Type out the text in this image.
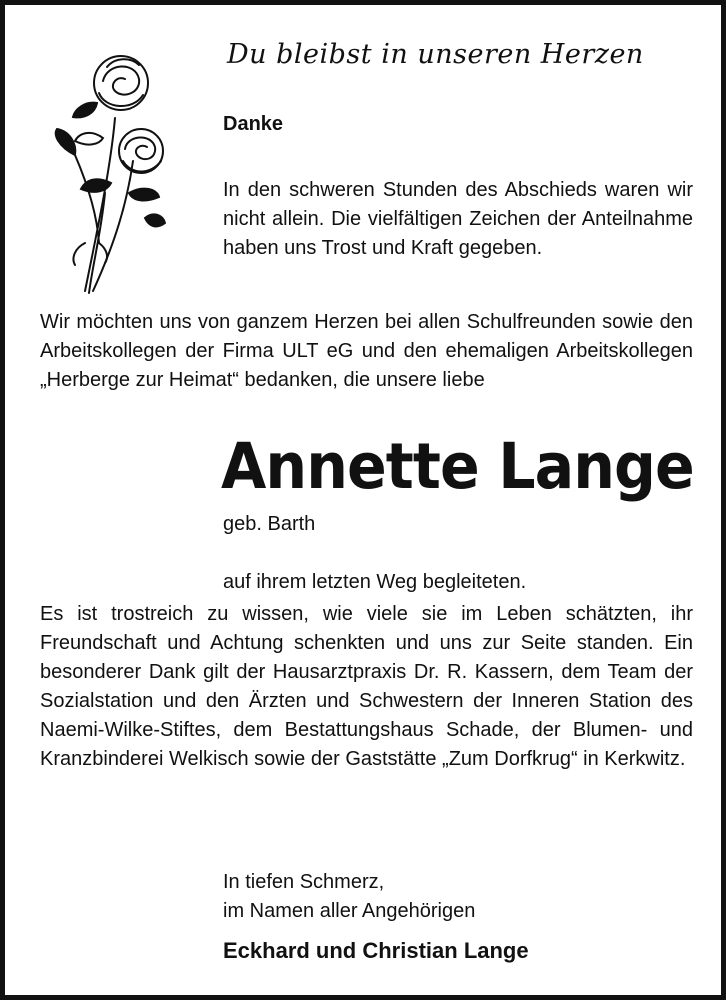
Du bleibst in unseren Herzen
Danke
In den schweren Stunden des Abschieds waren wir nicht allein. Die vielfältigen Zeichen der Anteilnahme haben uns Trost und Kraft gegeben.
Wir möchten uns von ganzem Herzen bei allen Schulfreunden sowie den Arbeitskollegen der Firma ULT eG und den ehemaligen Arbeitskollegen „Herberge zur Heimat“ bedanken, die unsere liebe
Annette Lange
geb. Barth
auf ihrem letzten Weg begleiteten.
Es ist trostreich zu wissen, wie viele sie im Leben schätzten, ihr Freundschaft und Achtung schenkten und uns zur Seite standen. Ein besonderer Dank gilt der Hausarztpraxis Dr. R. Kassern, dem Team der Sozialstation und den Ärzten und Schwestern der Inneren Station des Naemi-Wilke-Stiftes, dem Bestattungshaus Schade, der Blumen- und Kranzbinderei Welkisch sowie der Gaststätte „Zum Dorfkrug“ in Kerkwitz.
In tiefen Schmerz,
im Namen aller Angehörigen
Eckhard und Christian Lange
